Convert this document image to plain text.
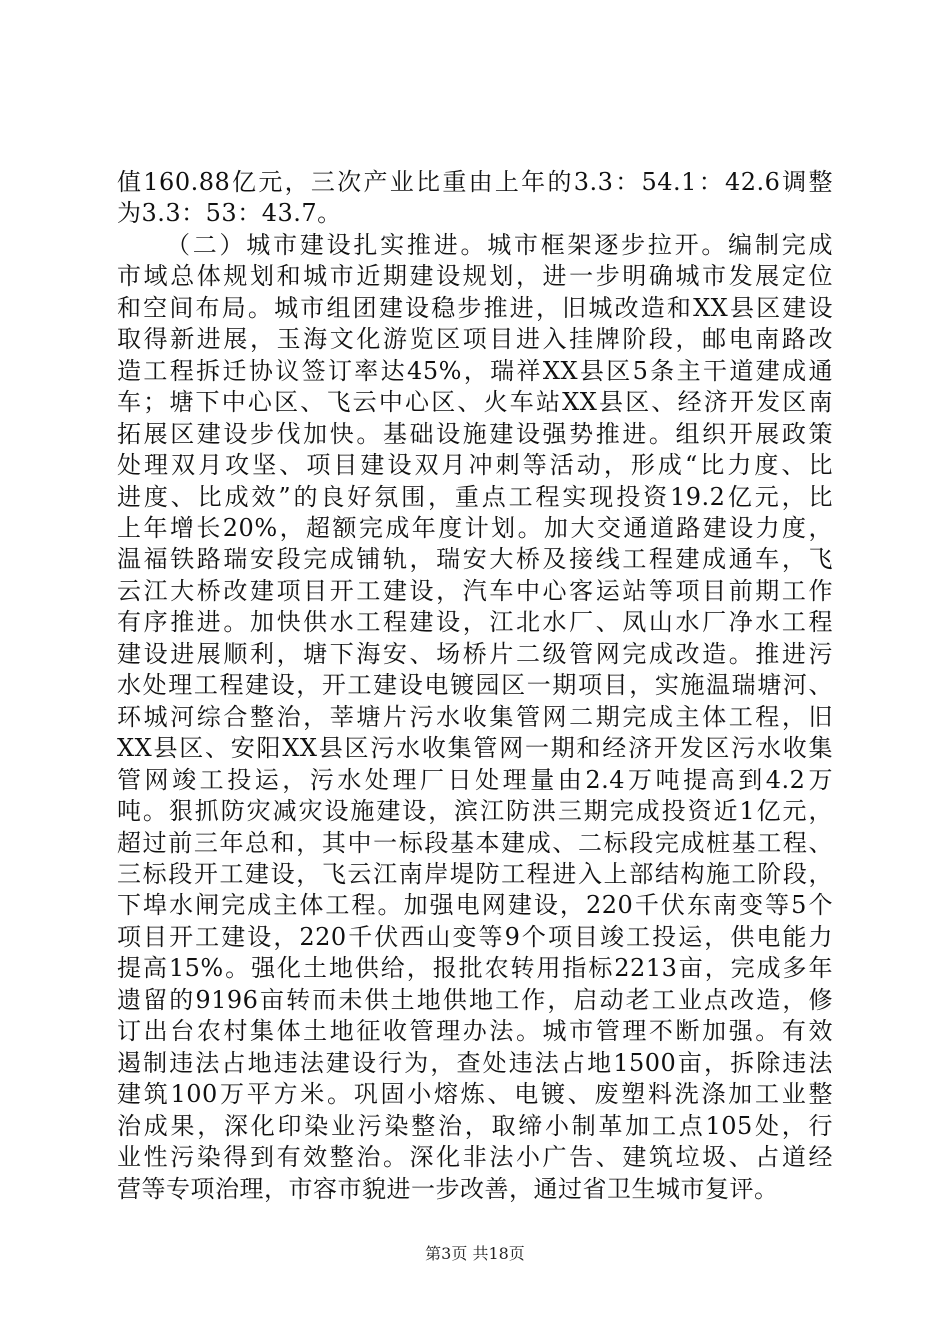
值160.88亿元，三次产业比重由上年的3.3：54.1：42.6调整
为3.3：53：43.7。
（二）城市建设扎实推进。城市框架逐步拉开。编制完成
市域总体规划和城市近期建设规划，进一步明确城市发展定位
和空间布局。城市组团建设稳步推进，旧城改造和XX县区建设
取得新进展，玉海文化游览区项目进入挂牌阶段，邮电南路改
造工程拆迁协议签订率达45%，瑞祥XX县区5条主干道建成通
车；塘下中心区、飞云中心区、火车站XX县区、经济开发区南
拓展区建设步伐加快。基础设施建设强势推进。组织开展政策
处理双月攻坚、项目建设双月冲刺等活动，形成“比力度、比
进度、比成效”的良好氛围，重点工程实现投资19.2亿元，比
上年增长20%，超额完成年度计划。加大交通道路建设力度，
温福铁路瑞安段完成铺轨，瑞安大桥及接线工程建成通车，飞
云江大桥改建项目开工建设，汽车中心客运站等项目前期工作
有序推进。加快供水工程建设，江北水厂、凤山水厂净水工程
建设进展顺利，塘下海安、场桥片二级管网完成改造。推进污
水处理工程建设，开工建设电镀园区一期项目，实施温瑞塘河、
环城河综合整治，莘塘片污水收集管网二期完成主体工程，旧
XX县区、安阳XX县区污水收集管网一期和经济开发区污水收集
管网竣工投运，污水处理厂日处理量由2.4万吨提高到4.2万
吨。狠抓防灾减灾设施建设，滨江防洪三期完成投资近1亿元，
超过前三年总和，其中一标段基本建成、二标段完成桩基工程、
三标段开工建设，飞云江南岸堤防工程进入上部结构施工阶段，
下埠水闸完成主体工程。加强电网建设，220千伏东南变等5个
项目开工建设，220千伏西山变等9个项目竣工投运，供电能力
提高15%。强化土地供给，报批农转用指标2213亩，完成多年
遗留的9196亩转而未供土地供地工作，启动老工业点改造，修
订出台农村集体土地征收管理办法。城市管理不断加强。有效
遏制违法占地违法建设行为，查处违法占地1500亩，拆除违法
建筑100万平方米。巩固小熔炼、电镀、废塑料洗涤加工业整
治成果，深化印染业污染整治，取缔小制革加工点105处，行
业性污染得到有效整治。深化非法小广告、建筑垃圾、占道经
营等专项治理，市容市貌进一步改善，通过省卫生城市复评。
第3页 共18页
